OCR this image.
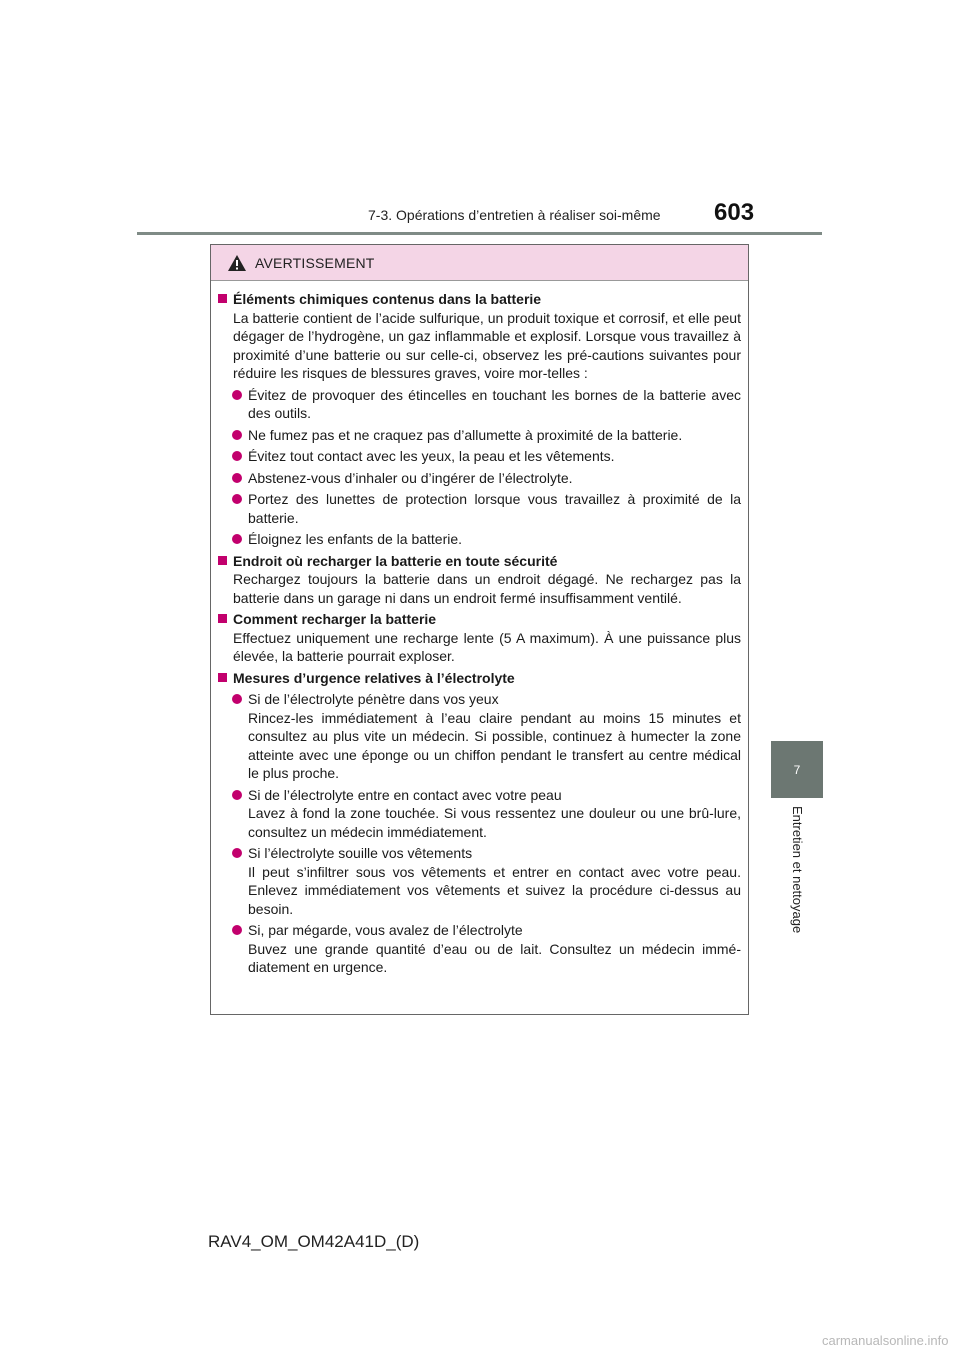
7-3. Opérations d’entretien à réaliser soi-même 603
7
Entretien et nettoyage
AVERTISSEMENT
Éléments chimiques contenus dans la batterie
La batterie contient de l’acide sulfurique, un produit toxique et corrosif, et elle peut dégager de l’hydrogène, un gaz inflammable et explosif. Lorsque vous travaillez à proximité d’une batterie ou sur celle-ci, observez les pré-cautions suivantes pour réduire les risques de blessures graves, voire mor-telles :
Évitez de provoquer des étincelles en touchant les bornes de la batterie avec des outils.
Ne fumez pas et ne craquez pas d’allumette à proximité de la batterie.
Évitez tout contact avec les yeux, la peau et les vêtements.
Abstenez-vous d’inhaler ou d’ingérer de l’électrolyte.
Portez des lunettes de protection lorsque vous travaillez à proximité de la batterie.
Éloignez les enfants de la batterie.
Endroit où recharger la batterie en toute sécurité
Rechargez toujours la batterie dans un endroit dégagé. Ne rechargez pas la batterie dans un garage ni dans un endroit fermé insuffisamment ventilé.
Comment recharger la batterie
Effectuez uniquement une recharge lente (5 A maximum). À une puissance plus élevée, la batterie pourrait exploser.
Mesures d’urgence relatives à l’électrolyte
Si de l’électrolyte pénètre dans vos yeux
Rincez-les immédiatement à l’eau claire pendant au moins 15 minutes et consultez au plus vite un médecin. Si possible, continuez à humecter la zone atteinte avec une éponge ou un chiffon pendant le transfert au centre médical le plus proche.
Si de l’électrolyte entre en contact avec votre peau
Lavez à fond la zone touchée. Si vous ressentez une douleur ou une brû-lure, consultez un médecin immédiatement.
Si l’électrolyte souille vos vêtements
Il peut s’infiltrer sous vos vêtements et entrer en contact avec votre peau. Enlevez immédiatement vos vêtements et suivez la procédure ci-dessus au besoin.
Si, par mégarde, vous avalez de l’électrolyte
Buvez une grande quantité d’eau ou de lait. Consultez un médecin immé-diatement en urgence.
RAV4_OM_OM42A41D_(D)
carmanualsonline.info
